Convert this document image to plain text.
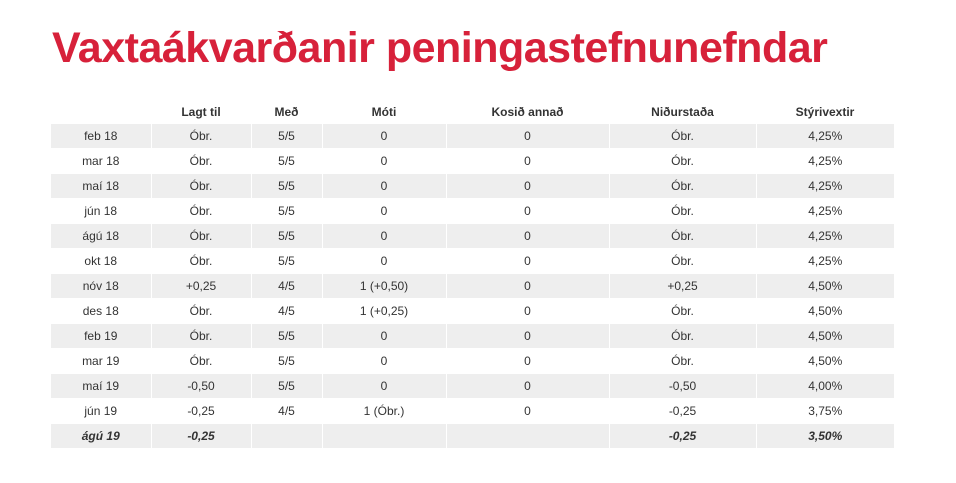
Vaxtaákvarðanir peningastefnunefndar
	Lagt til	Með	Móti	Kosið annað	Niðurstaða	Stýrivextir
feb 18	Óbr.	5/5	0	0	Óbr.	4,25%
mar 18	Óbr.	5/5	0	0	Óbr.	4,25%
maí 18	Óbr.	5/5	0	0	Óbr.	4,25%
jún 18	Óbr.	5/5	0	0	Óbr.	4,25%
ágú 18	Óbr.	5/5	0	0	Óbr.	4,25%
okt 18	Óbr.	5/5	0	0	Óbr.	4,25%
nóv 18	+0,25	4/5	1 (+0,50)	0	+0,25	4,50%
des 18	Óbr.	4/5	1 (+0,25)	0	Óbr.	4,50%
feb 19	Óbr.	5/5	0	0	Óbr.	4,50%
mar 19	Óbr.	5/5	0	0	Óbr.	4,50%
maí 19	-0,50	5/5	0	0	-0,50	4,00%
jún 19	-0,25	4/5	1 (Óbr.)	0	-0,25	3,75%
ágú 19	-0,25				-0,25	3,50%
